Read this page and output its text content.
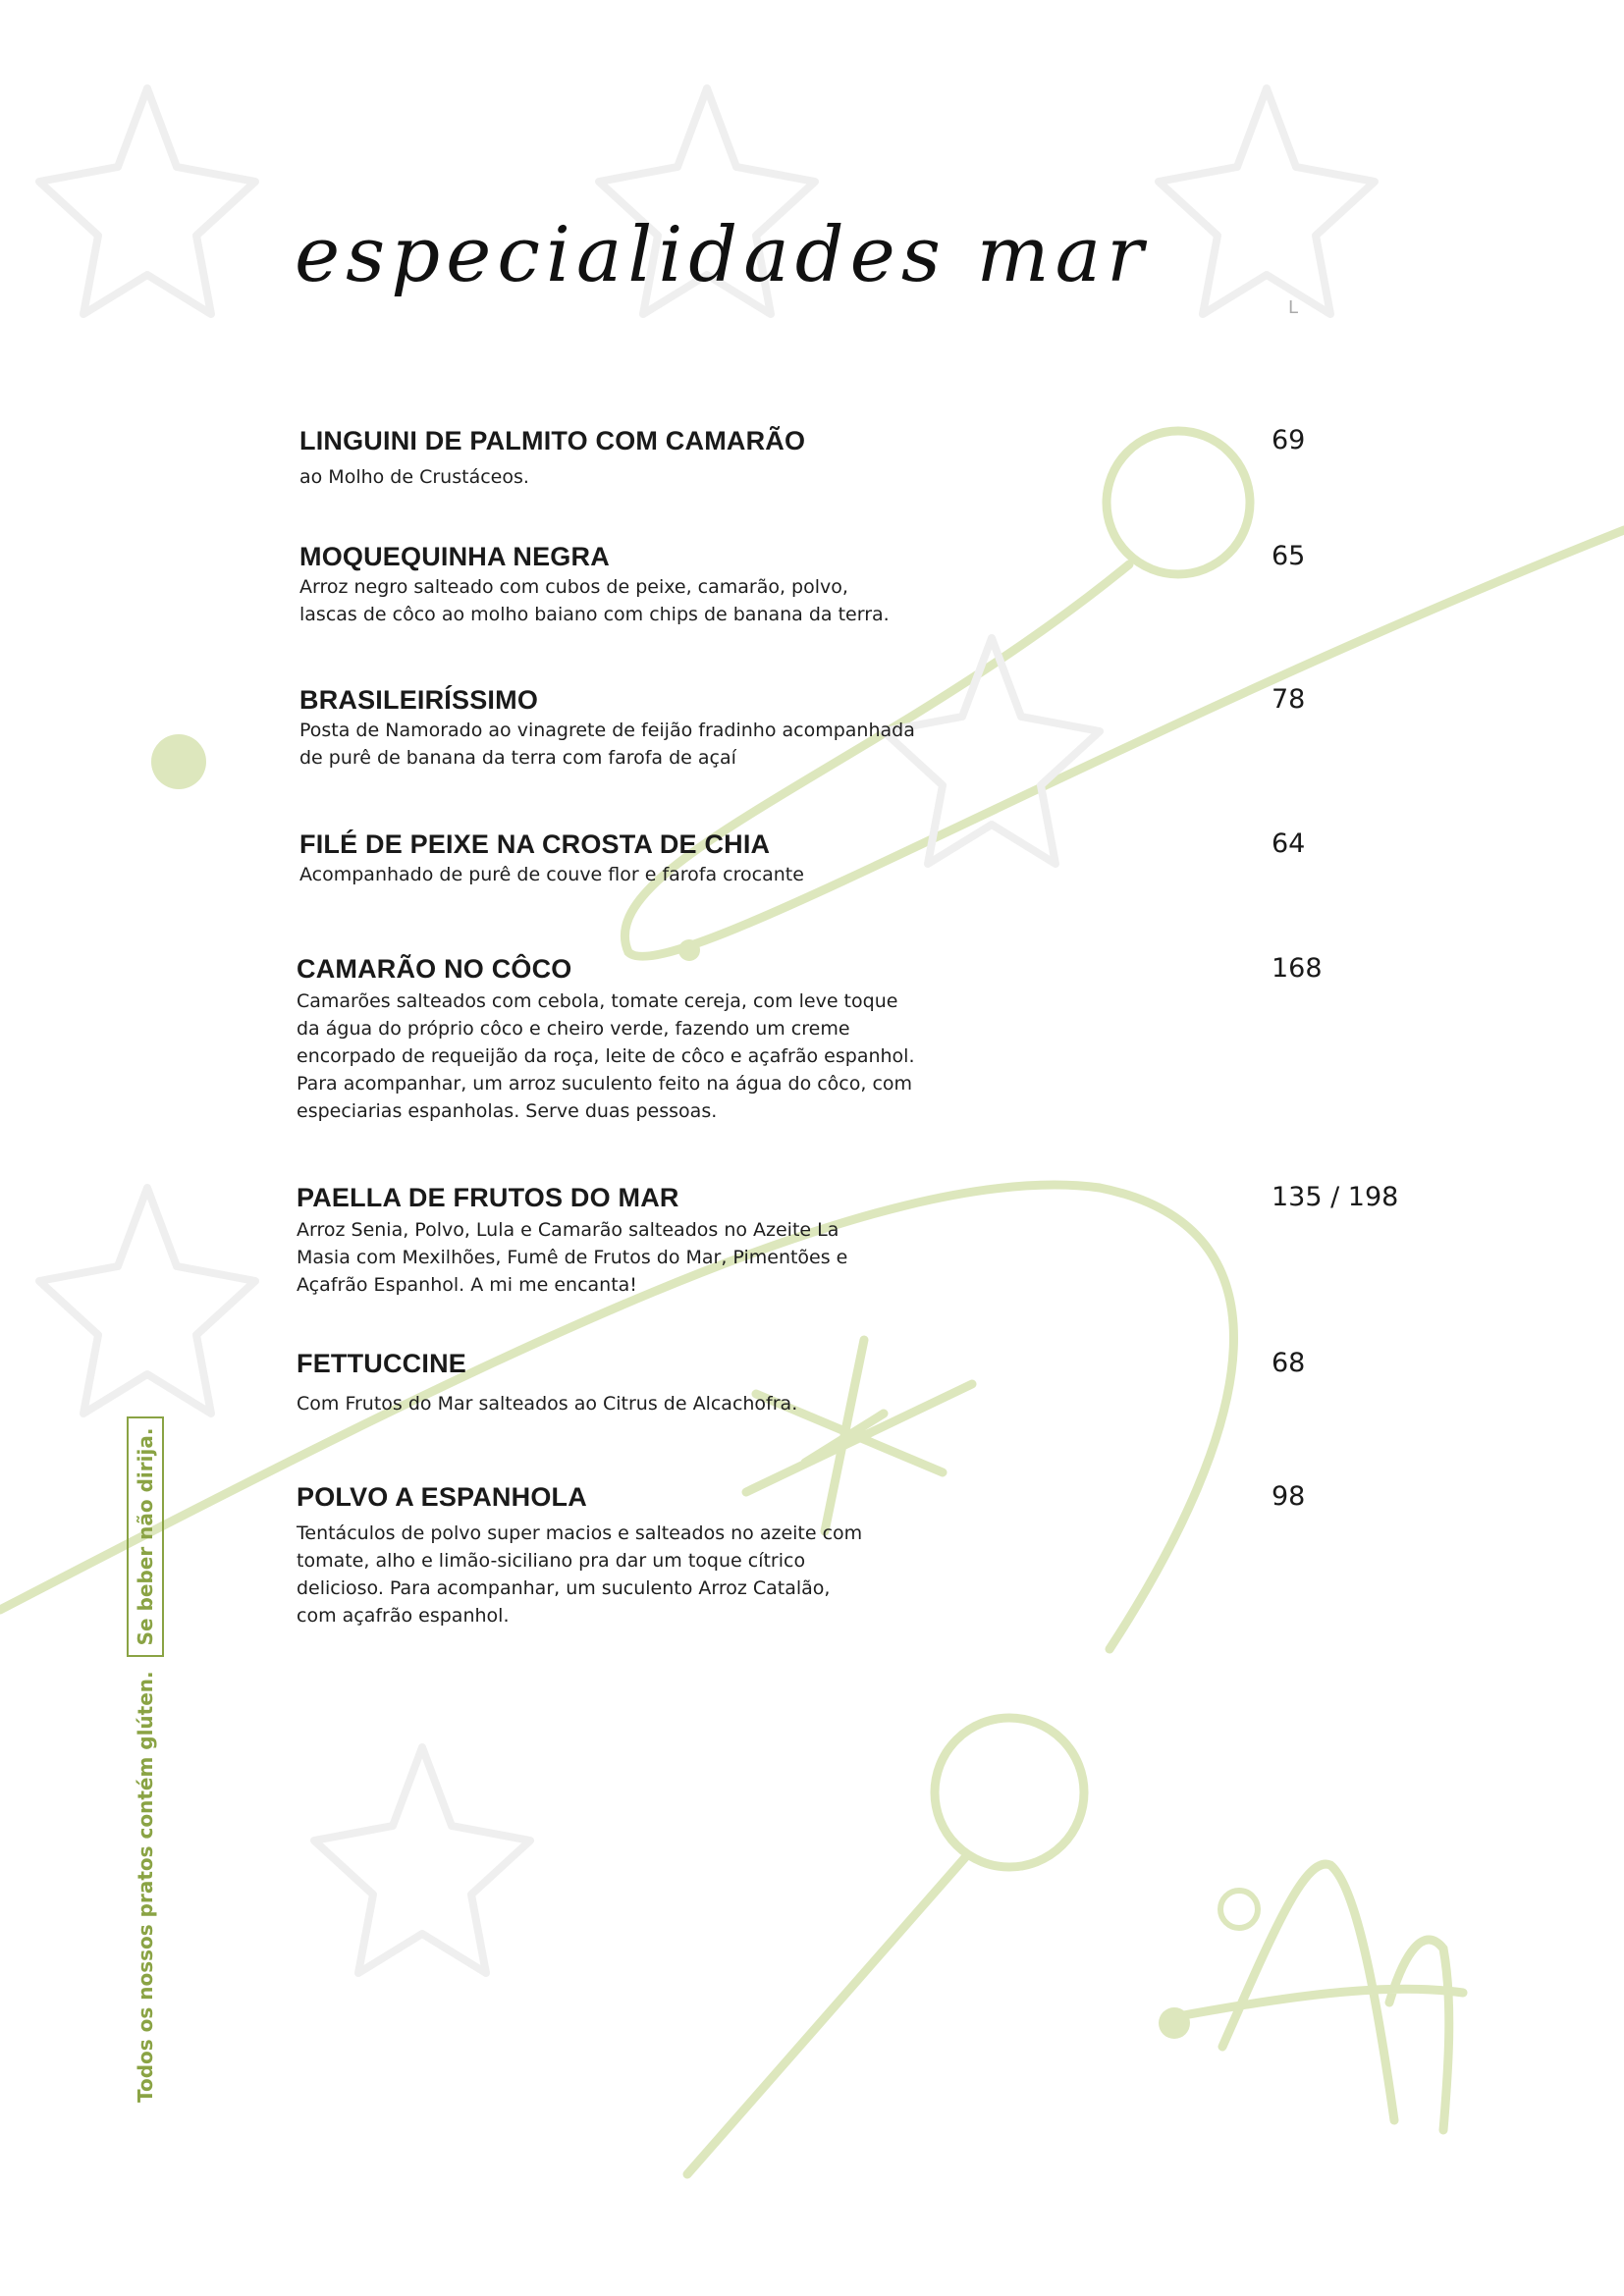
especialidades mar
L
LINGUINI DE PALMITO COM CAMARÃO
ao Molho de Crustáceos.
69
MOQUEQUINHA NEGRA
Arroz negro salteado com cubos de peixe, camarão, polvo,
lascas de côco ao molho baiano com chips de banana da terra.
65
BRASILEIRÍSSIMO
Posta de Namorado ao vinagrete de feijão fradinho acompanhada
de purê de banana da terra com farofa de açaí
78
FILÉ DE PEIXE NA CROSTA DE CHIA
Acompanhado de purê de couve flor e farofa crocante
64
CAMARÃO NO CÔCO
Camarões salteados com cebola, tomate cereja, com leve toque
da água do próprio côco e cheiro verde, fazendo um creme
encorpado de requeijão da roça, leite de côco e açafrão espanhol.
Para acompanhar, um arroz suculento feito na água do côco, com
especiarias espanholas. Serve duas pessoas.
168
PAELLA DE FRUTOS DO MAR
Arroz Senia, Polvo, Lula e Camarão salteados no Azeite La
Masia com Mexilhões, Fumê de Frutos do Mar, Pimentões e
Açafrão Espanhol. A mi me encanta!
135 / 198
FETTUCCINE
Com Frutos do Mar salteados ao Citrus de Alcachofra.
68
POLVO A ESPANHOLA
Tentáculos de polvo super macios e salteados no azeite com
tomate, alho e limão-siciliano pra dar um toque cítrico
delicioso. Para acompanhar, um suculento Arroz Catalão,
com açafrão espanhol.
98
Todos os nossos pratos contém glúten.Se beber não dirija.
